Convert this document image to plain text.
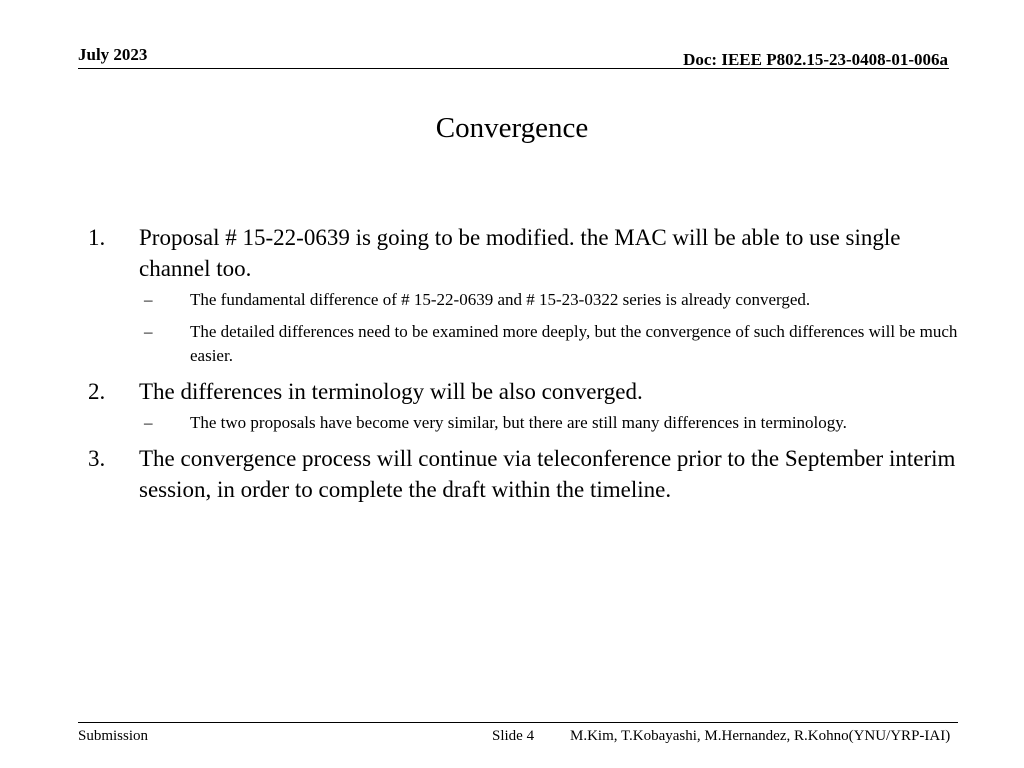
July 2023	Doc: IEEE P802.15-23-0408-01-006a
Convergence
1. Proposal # 15-22-0639 is going to be modified. the MAC will be able to use single channel too.
– The fundamental difference of # 15-22-0639 and # 15-23-0322 series is already converged.
– The detailed differences need to be examined more deeply, but the convergence of such differences will be much easier.
2. The differences in terminology will be also converged.
– The two proposals have become very similar, but there are still many differences in terminology.
3. The convergence process will continue via teleconference prior to the September interim session, in order to complete the draft within the timeline.
Submission	Slide 4 M.Kim, T.Kobayashi, M.Hernandez, R.Kohno(YNU/YRP-IAI)
